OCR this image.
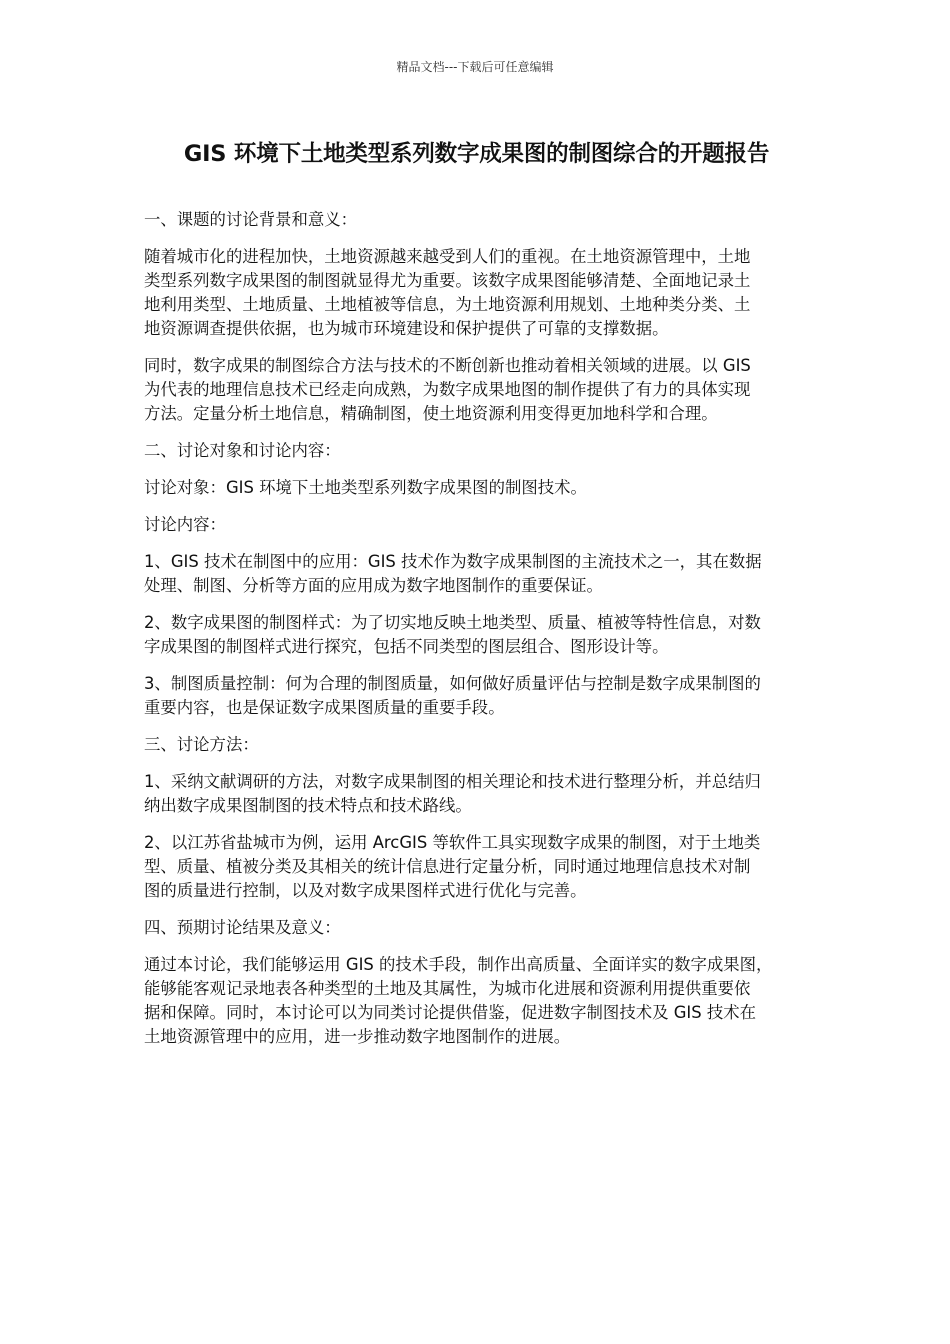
精品文档---下载后可任意编辑
GIS 环境下土地类型系列数字成果图的制图综合的开题报告

一、课题的讨论背景和意义：

随着城市化的进程加快，土地资源越来越受到人们的重视。在土地资源管理中，土地
类型系列数字成果图的制图就显得尤为重要。该数字成果图能够清楚、全面地记录土
地利用类型、土地质量、土地植被等信息，为土地资源利用规划、土地种类分类、土
地资源调查提供依据，也为城市环境建设和保护提供了可靠的支撑数据。

同时，数字成果的制图综合方法与技术的不断创新也推动着相关领域的进展。以 GIS
为代表的地理信息技术已经走向成熟，为数字成果地图的制作提供了有力的具体实现
方法。定量分析土地信息，精确制图，使土地资源利用变得更加地科学和合理。

二、讨论对象和讨论内容：

讨论对象：GIS 环境下土地类型系列数字成果图的制图技术。

讨论内容：

1、GIS 技术在制图中的应用：GIS 技术作为数字成果制图的主流技术之一，其在数据
处理、制图、分析等方面的应用成为数字地图制作的重要保证。

2、数字成果图的制图样式：为了切实地反映土地类型、质量、植被等特性信息，对数
字成果图的制图样式进行探究，包括不同类型的图层组合、图形设计等。

3、制图质量控制：何为合理的制图质量，如何做好质量评估与控制是数字成果制图的
重要内容，也是保证数字成果图质量的重要手段。

三、讨论方法：

1、采纳文献调研的方法，对数字成果制图的相关理论和技术进行整理分析，并总结归
纳出数字成果图制图的技术特点和技术路线。

2、以江苏省盐城市为例，运用 ArcGIS 等软件工具实现数字成果的制图，对于土地类
型、质量、植被分类及其相关的统计信息进行定量分析，同时通过地理信息技术对制
图的质量进行控制，以及对数字成果图样式进行优化与完善。

四、预期讨论结果及意义：

通过本讨论，我们能够运用 GIS 的技术手段，制作出高质量、全面详实的数字成果图，
能够能客观记录地表各种类型的土地及其属性，为城市化进展和资源利用提供重要依
据和保障。同时，本讨论可以为同类讨论提供借鉴，促进数字制图技术及 GIS 技术在
土地资源管理中的应用，进一步推动数字地图制作的进展。
